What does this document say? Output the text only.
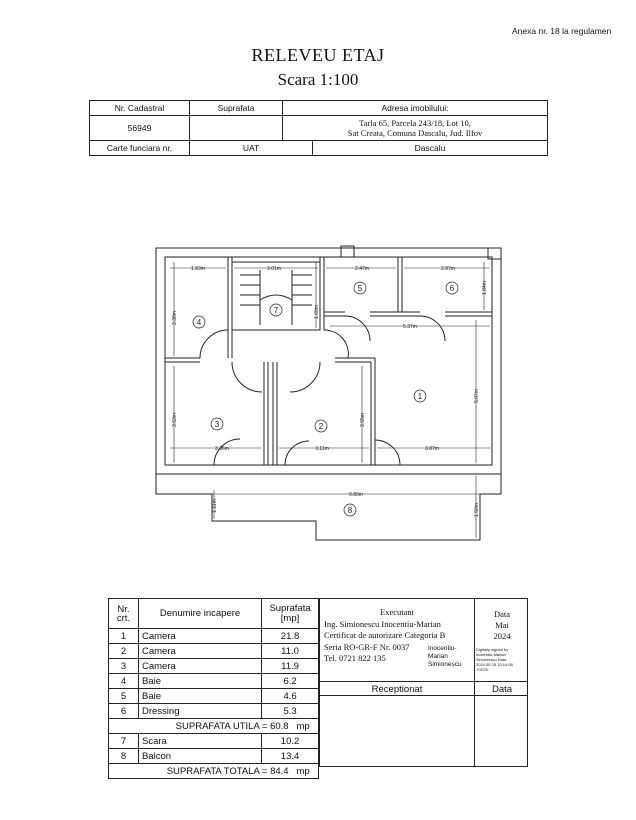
Anexa nr. 18 la regulamen
RELEVEU ETAJ
Scara 1:100
Nr. Cadastral	Suprafata	Adresa imobilului:	
56949		Tarla 65, Parcela 243/18, Lot 10,
Sat Creata, Comuna Dascalu, Jud. Ilfov	

Carte funciara nr.	UAT		Dascalu
1
2
3
4
5	6
7
8
1.83m	3.01m	2.47m	2.87m
5.37m
3.36m	3.11m	3.87m
9.80m
3.38m
1.84m
1.60m
5.07m
3.53m	3.55m
1.11m	1.50m
Nr. crt.	Denumire incapere	Suprafata [mp]
1	Camera	21.8
2	Camera	11.0
3	Camera	11.9
4	Baie	6.2
5	Baie	4.6
6	Dressing	5.3
SUPRAFATA UTILA = 60.8 mp		
7	Scara	10.2
8	Balcon	13.4
SUPRAFATA TOTALA = 84.4 mp		
Executant
Ing. Simionescu Inocentiu-Marian
Certificat de autorizare Categoria B
Seria RO-GR-F Nr. 0037
Tel. 0721 822 135
Inocentiu-
Marian
Simionescu
Digitally signed by Inocentiu-Marian Simionescu Date: 2024.05.25 13:14:08 +03'00'
Data
Mai
2024
Receptionat	Data
